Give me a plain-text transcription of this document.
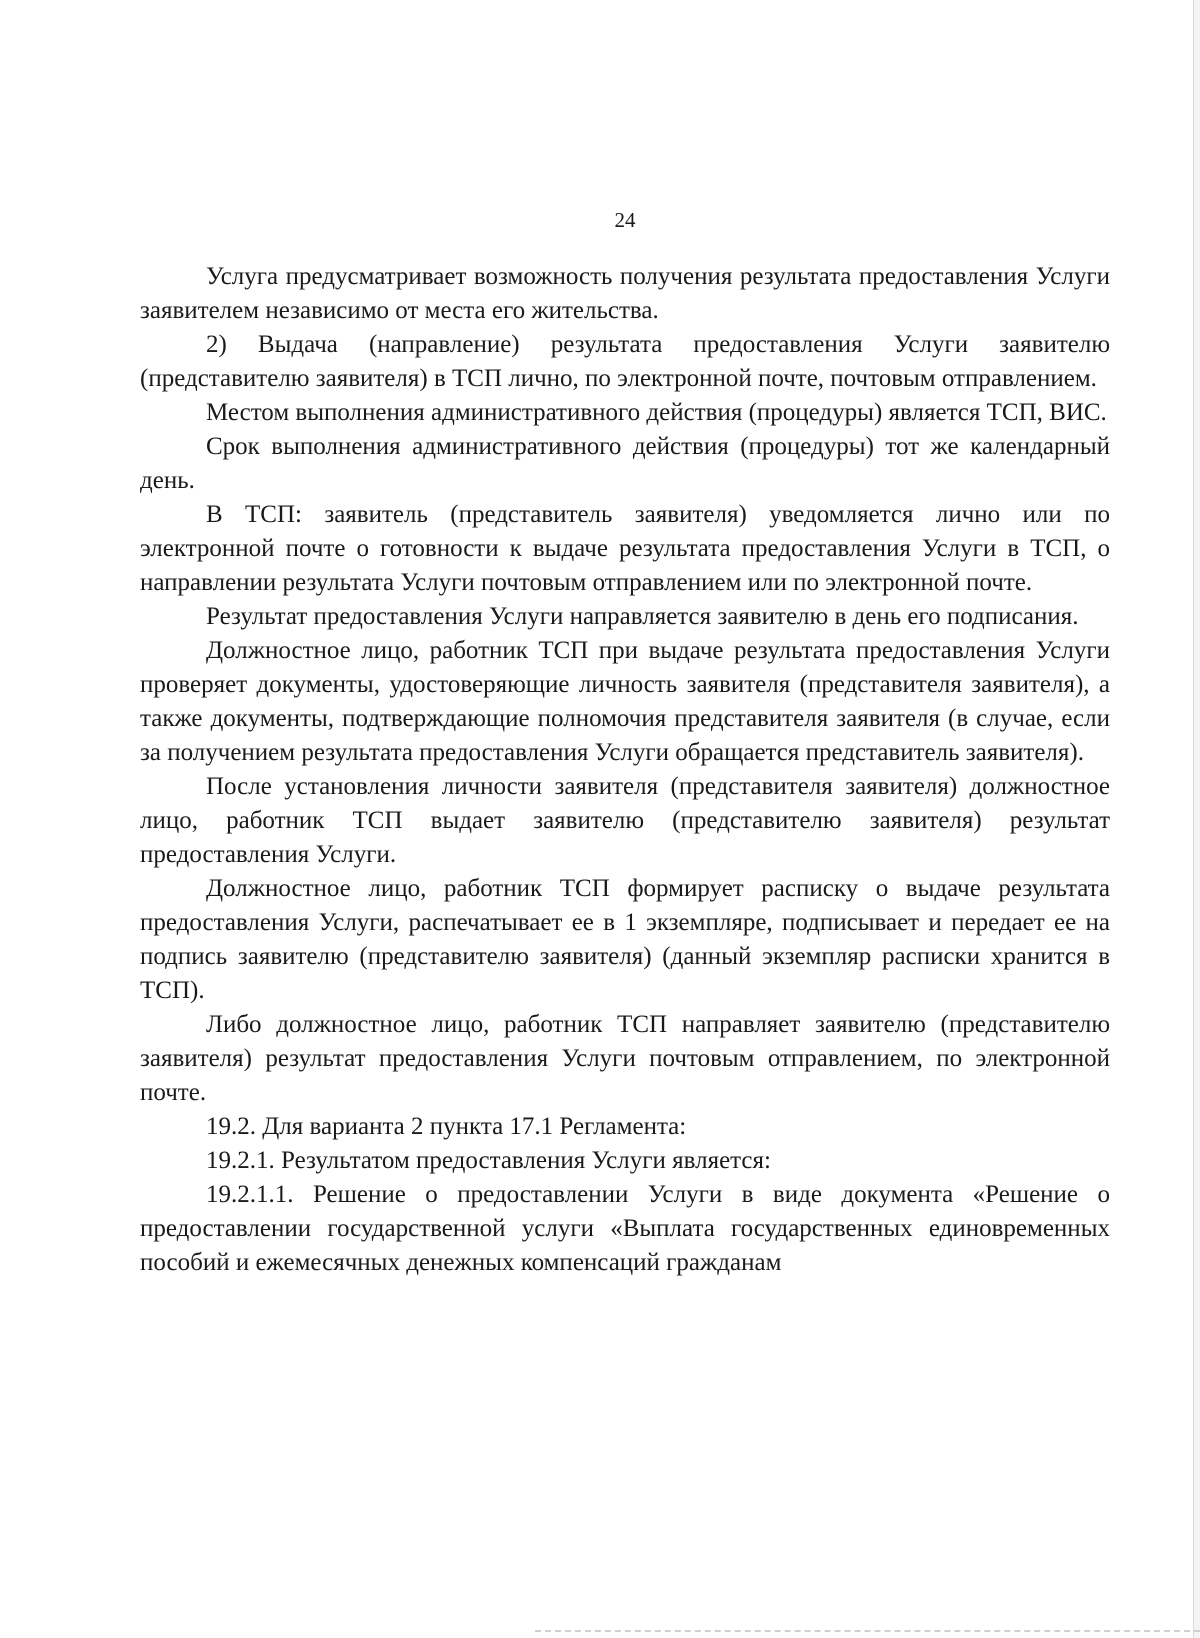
24

Услуга предусматривает возможность получения результата предоставления Услуги заявителем независимо от места его жительства.

2) Выдача (направление) результата предоставления Услуги заявителю (представителю заявителя) в ТСП лично, по электронной почте, почтовым отправлением.

Местом выполнения административного действия (процедуры) является ТСП, ВИС.

Срок выполнения административного действия (процедуры) тот же календарный день.

В ТСП: заявитель (представитель заявителя) уведомляется лично или по электронной почте о готовности к выдаче результата предоставления Услуги в ТСП, о направлении результата Услуги почтовым отправлением или по электронной почте.

Результат предоставления Услуги направляется заявителю в день его подписания.

Должностное лицо, работник ТСП при выдаче результата предоставления Услуги проверяет документы, удостоверяющие личность заявителя (представителя заявителя), а также документы, подтверждающие полномочия представителя заявителя (в случае, если за получением результата предоставления Услуги обращается представитель заявителя).

После установления личности заявителя (представителя заявителя) должностное лицо, работник ТСП выдает заявителю (представителю заявителя) результат предоставления Услуги.

Должностное лицо, работник ТСП формирует расписку о выдаче результата предоставления Услуги, распечатывает ее в 1 экземпляре, подписывает и передает ее на подпись заявителю (представителю заявителя) (данный экземпляр расписки хранится в ТСП).

Либо должностное лицо, работник ТСП направляет заявителю (представителю заявителя) результат предоставления Услуги почтовым отправлением, по электронной почте.

19.2. Для варианта 2 пункта 17.1 Регламента:

19.2.1. Результатом предоставления Услуги является:

19.2.1.1. Решение о предоставлении Услуги в виде документа «Решение о предоставлении государственной услуги «Выплата государственных единовременных пособий и ежемесячных денежных компенсаций гражданам
